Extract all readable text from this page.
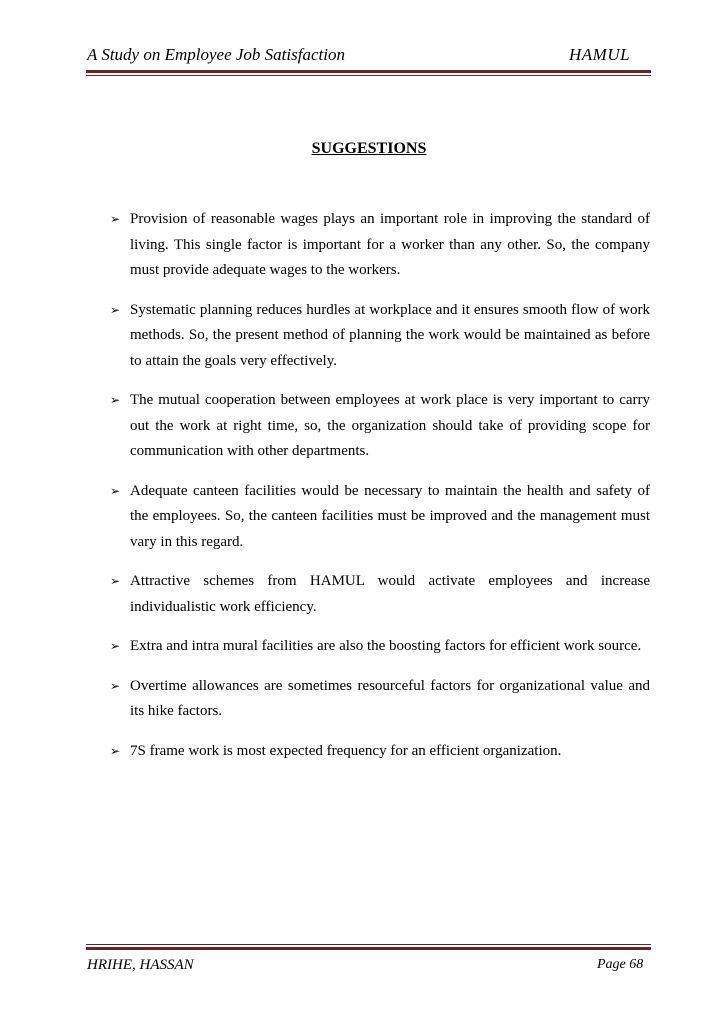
A Study on Employee Job Satisfaction	HAMUL
SUGGESTIONS
➢ Provision of reasonable wages plays an important role in improving the standard of living. This single factor is important for a worker than any other. So, the company must provide adequate wages to the workers.
➢ Systematic planning reduces hurdles at workplace and it ensures smooth flow of work methods. So, the present method of planning the work would be maintained as before to attain the goals very effectively.
➢ The mutual cooperation between employees at work place is very important to carry out the work at right time, so, the organization should take of providing scope for communication with other departments.
➢ Adequate canteen facilities would be necessary to maintain the health and safety of the employees. So, the canteen facilities must be improved and the management must vary in this regard.
➢ Attractive schemes from HAMUL would activate employees and increase individualistic work efficiency.
➢ Extra and intra mural facilities are also the boosting factors for efficient work source.
➢ Overtime allowances are sometimes resourceful factors for organizational value and its hike factors.
➢ 7S frame work is most expected frequency for an efficient organization.
HRIHE, HASSAN	Page 68
